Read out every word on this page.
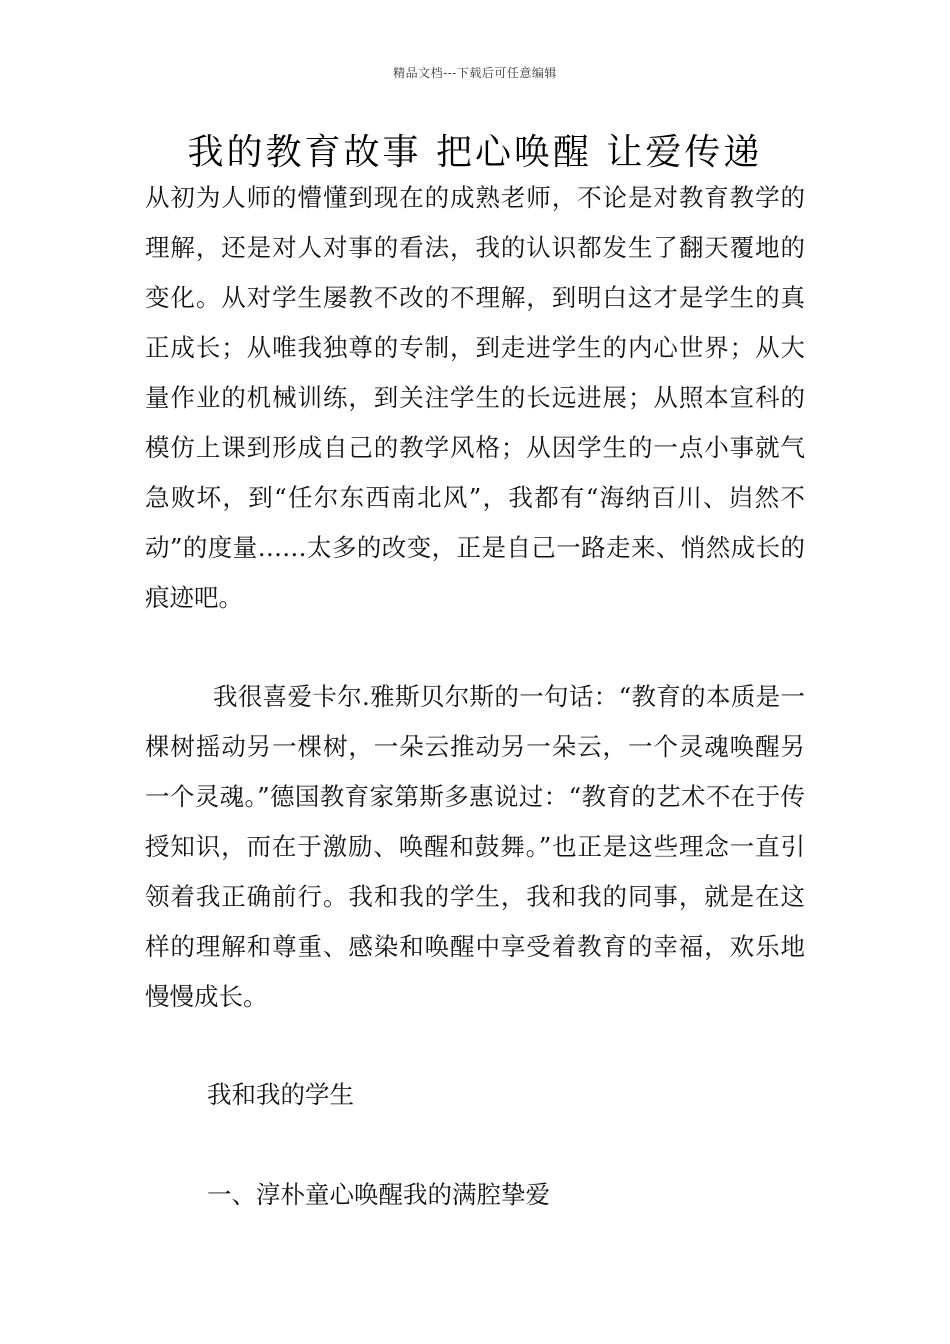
精品文档---下载后可任意编辑
我的教育故事 把心唤醒 让爱传递

从初为人师的懵懂到现在的成熟老师，不论是对教育教学的理解，还是对人对事的看法，我的认识都发生了翻天覆地的变化。从对学生屡教不改的不理解，到明白这才是学生的真正成长；从唯我独尊的专制，到走进学生的内心世界；从大量作业的机械训练，到关注学生的长远进展；从照本宣科的模仿上课到形成自己的教学风格；从因学生的一点小事就气急败坏，到“任尔东西南北风”，我都有“海纳百川、岿然不动”的度量……太多的改变，正是自己一路走来、悄然成长的痕迹吧。

我很喜爱卡尔.雅斯贝尔斯的一句话：“教育的本质是一棵树摇动另一棵树，一朵云推动另一朵云，一个灵魂唤醒另一个灵魂。”德国教育家第斯多惠说过：“教育的艺术不在于传授知识，而在于激励、唤醒和鼓舞。”也正是这些理念一直引领着我正确前行。我和我的学生，我和我的同事，就是在这样的理解和尊重、感染和唤醒中享受着教育的幸福，欢乐地慢慢成长。

我和我的学生

一、淳朴童心唤醒我的满腔挚爱
